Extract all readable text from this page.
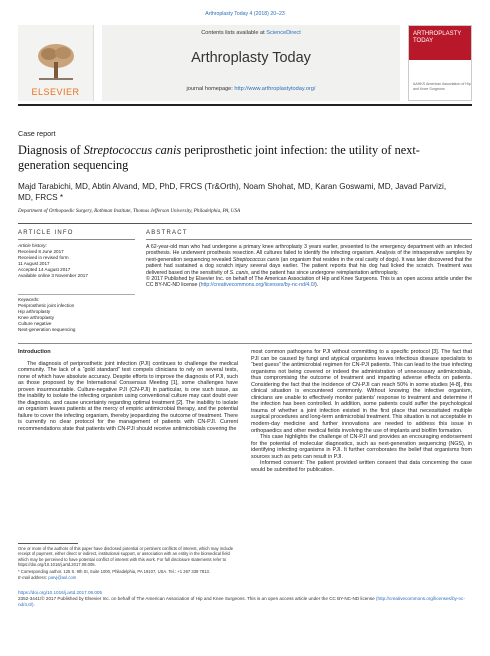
Arthroplasty Today 4 (2018) 20–23
ELSEVIER
Contents lists available at ScienceDirect
Arthroplasty Today
journal homepage: http://www.arthroplastytoday.org/
ARTHROPLASTY TODAY
AAHKS American Association of Hip and Knee Surgeons
Case report
Diagnosis of Streptococcus canis periprosthetic joint infection: the utility of next-generation sequencing
Majd Tarabichi, MD, Abtin Alvand, MD, PhD, FRCS (Tr&Orth), Noam Shohat, MD, Karan Goswami, MD, Javad Parvizi, MD, FRCS *
Department of Orthopaedic Surgery, Rothman Institute, Thomas Jefferson University, Philadelphia, PA, USA
ARTICLE INFO	ABSTRACT
Article history:
Received 8 June 2017
Received in revised form
11 August 2017
Accepted 14 August 2017
Available online 3 November 2017
Keywords:
Periprosthetic joint infection
Hip arthroplasty
Knee arthroplasty
Culture negative
Next-generation sequencing
A 62-year-old man who had undergone a primary knee arthroplasty 3 years earlier, presented to the emergency department with an infected prosthesis. He underwent prosthesis resection. All cultures failed to identify the infecting organism. Analysis of the intraoperative samples by next-generation sequencing revealed Streptococcus canis (an organism that resides in the oral cavity of dogs). It was later discovered that the patient had sustained a dog scratch injury several days earlier. The patient reports that his dog had licked the scratch. Treatment was delivered based on the sensitivity of S. canis, and the patient has since undergone reimplantation arthroplasty.
© 2017 Published by Elsevier Inc. on behalf of The American Association of Hip and Knee Surgeons. This is an open access article under the CC BY-NC-ND license (http://creativecommons.org/licenses/by-nc-nd/4.0/).
Introduction

The diagnosis of periprosthetic joint infection (PJI) continues to challenge the medical community. The lack of a “gold standard” test compels clinicians to rely on several tests, none of which have absolute accuracy. Despite efforts to improve the diagnosis of PJI, such as those proposed by the International Consensus Meeting [1], some challenges have proven insurmountable. Culture-negative PJI (CN-PJI) in particular, is one such issue, as the inability to isolate the infecting organism using conventional culture may cast doubt over the diagnosis, and cause uncertainty regarding optimal treatment [2]. The inability to isolate an organism leaves patients at the mercy of empiric antimicrobial therapy, and the potential failure to cover the infecting organism, thereby jeopardizing the outcome of treatment. There is currently no clear protocol for the management of patients with CN-PJI. Current recommendations state that patients with CN-PJI should receive antimicrobials covering the

most common pathogens for PJI without committing to a specific protocol [3]. The fact that PJI can be caused by fungi and atypical organisms leaves infectious disease specialists to “best guess” the antimicrobial regimen for CN-PJI patients. This can lead to the true infecting organisms not being covered or indeed the administration of unnecessary antimicrobials, thus compromising the outcome of treatment and imparting adverse effects on patients. Considering the fact that the incidence of CN-PJI can reach 50% in some studies [4-8], this clinical situation is encountered commonly. Without knowing the infective organism, clinicians are unable to effectively monitor patients' response to treatment and determine if the infection has been controlled. In addition, some patients could suffer the psychological trauma of whether a joint infection existed in the first place that necessitated multiple surgical procedures and long-term antimicrobial treatment. This situation is not acceptable in modern-day medicine and further innovations are needed to address this issue in orthopaedics and other medical fields involving the use of implants and biofilm formation.

This case highlights the challenge of CN-PJI and provides an encouraging endorsement for the potential of molecular diagnostics, such as next-generation sequencing (NGS), in identifying infecting organisms in PJI. It further corroborates the belief that organisms from sources such as pets can result in PJI.

Informed consent: The patient provided written consent that data concerning the case would be submitted for publication.

One or more of the authors of this paper have disclosed potential or pertinent conflicts of interest, which may include receipt of payment, either direct or indirect, institutional support, or association with an entity in the biomedical field which may be perceived to have potential conflict of interest with this work. For full disclosure statements refer to https://doi.org/10.1016/j.artd.2017.08.005.

* Corresponding author. 125 S. 9th St, Suite 1000, Philadelphia, PA 19107, USA. Tel.: +1 267 339 7813.

E-mail address: parvj@aol.com

https://doi.org/10.1016/j.artd.2017.08.005
2352-3441/© 2017 Published by Elsevier Inc. on behalf of The American Association of Hip and Knee Surgeons. This is an open access article under the CC BY-NC-ND license (http://creativecommons.org/licenses/by-nc-nd/4.0/).
